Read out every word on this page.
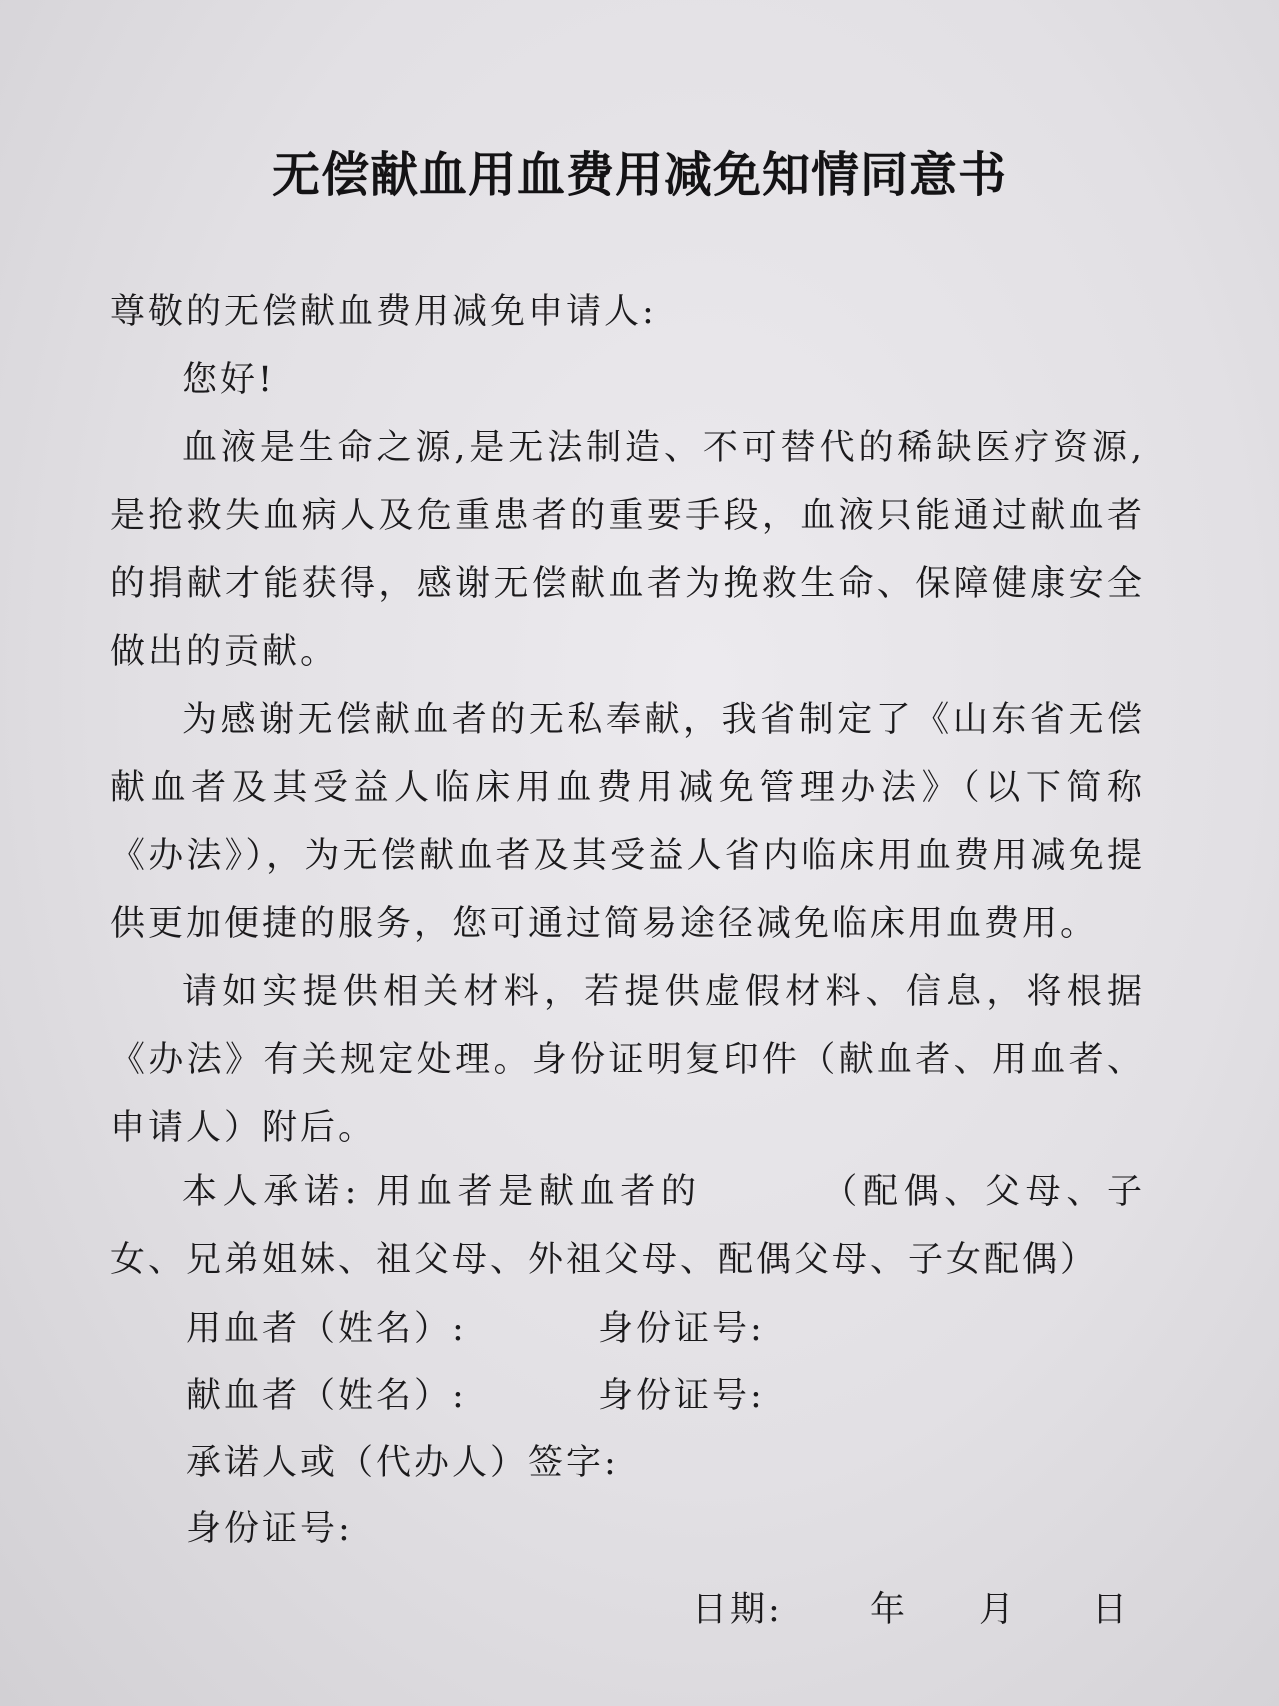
无偿献血用血费用减免知情同意书

尊敬的无偿献血费用减免申请人:

您好!

血液是生命之源,是无法制造、不可替代的稀缺医疗资源,是抢救失血病人及危重患者的重要手段，血液只能通过献血者的捐献才能获得，感谢无偿献血者为挽救生命、保障健康安全做出的贡献。

为感谢无偿献血者的无私奉献，我省制定了《山东省无偿献血者及其受益人临床用血费用减免管理办法》（以下简称《办法》），为无偿献血者及其受益人省内临床用血费用减免提供更加便捷的服务，您可通过简易途径减免临床用血费用。

请如实提供相关材料，若提供虚假材料、信息，将根据《办法》有关规定处理。身份证明复印件（献血者、用血者、申请人）附后。

本人承诺: 用血者是献血者的	（配偶、父母、子女、兄弟姐妹、祖父母、外祖父母、配偶父母、子女配偶）

用血者（姓名）:	身份证号:
献血者（姓名）:	身份证号:
承诺人或（代办人）签字:
身份证号:
日期: 年 月 日
